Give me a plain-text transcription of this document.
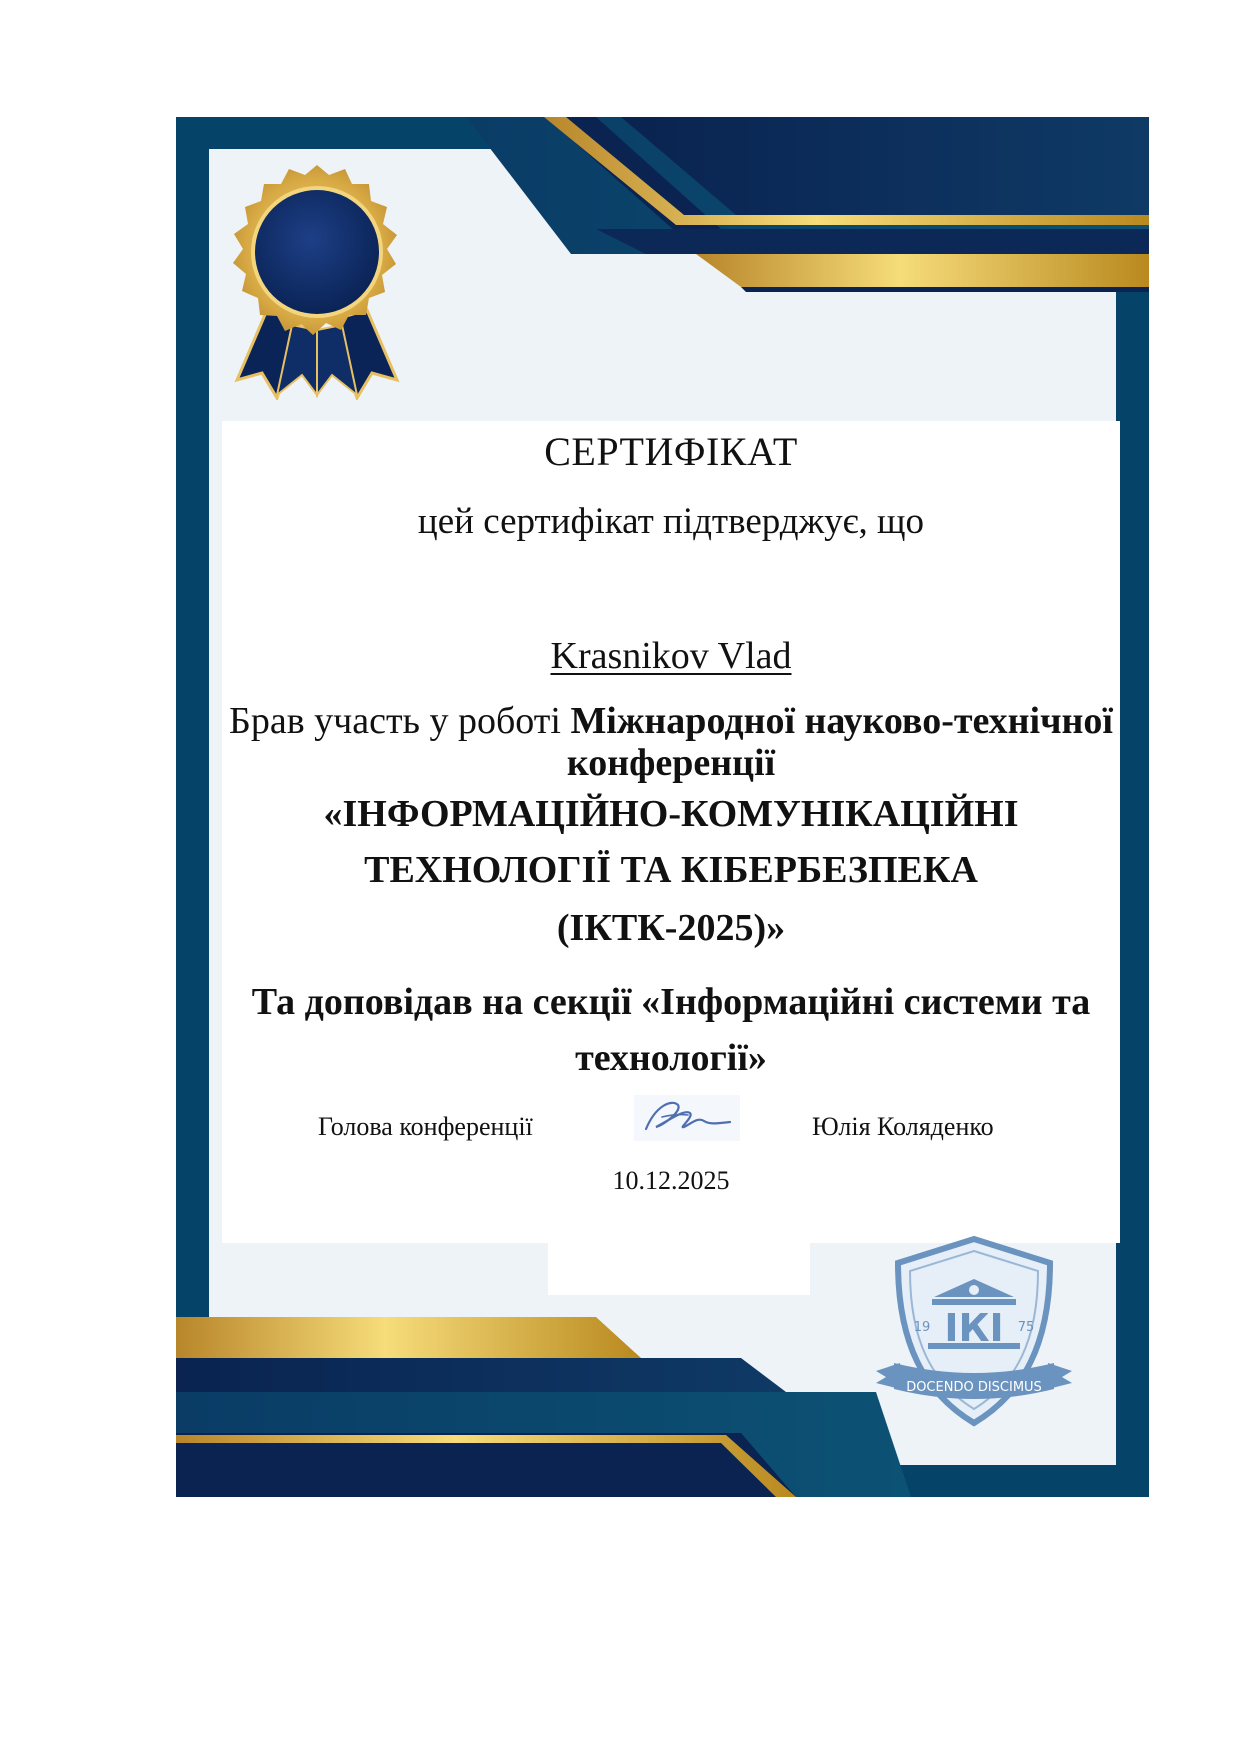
СЕРТИФІКАТ

цей сертифікат підтверджує, що

Krasnikov Vlad

Брав участь у роботі Міжнародної науково-технічної конференції

«ІНФОРМАЦІЙНО-КОМУНІКАЦІЙНІ ТЕХНОЛОГІЇ ТА КІБЕРБЕЗПЕКА

(ІКТК-2025)»

Та доповідав на секції «Інформаційні системи та технології»

Голова конференції	Юлія Коляденко

10.12.2025

ІКІ
19	75
DOCENDO DISCIMUS
